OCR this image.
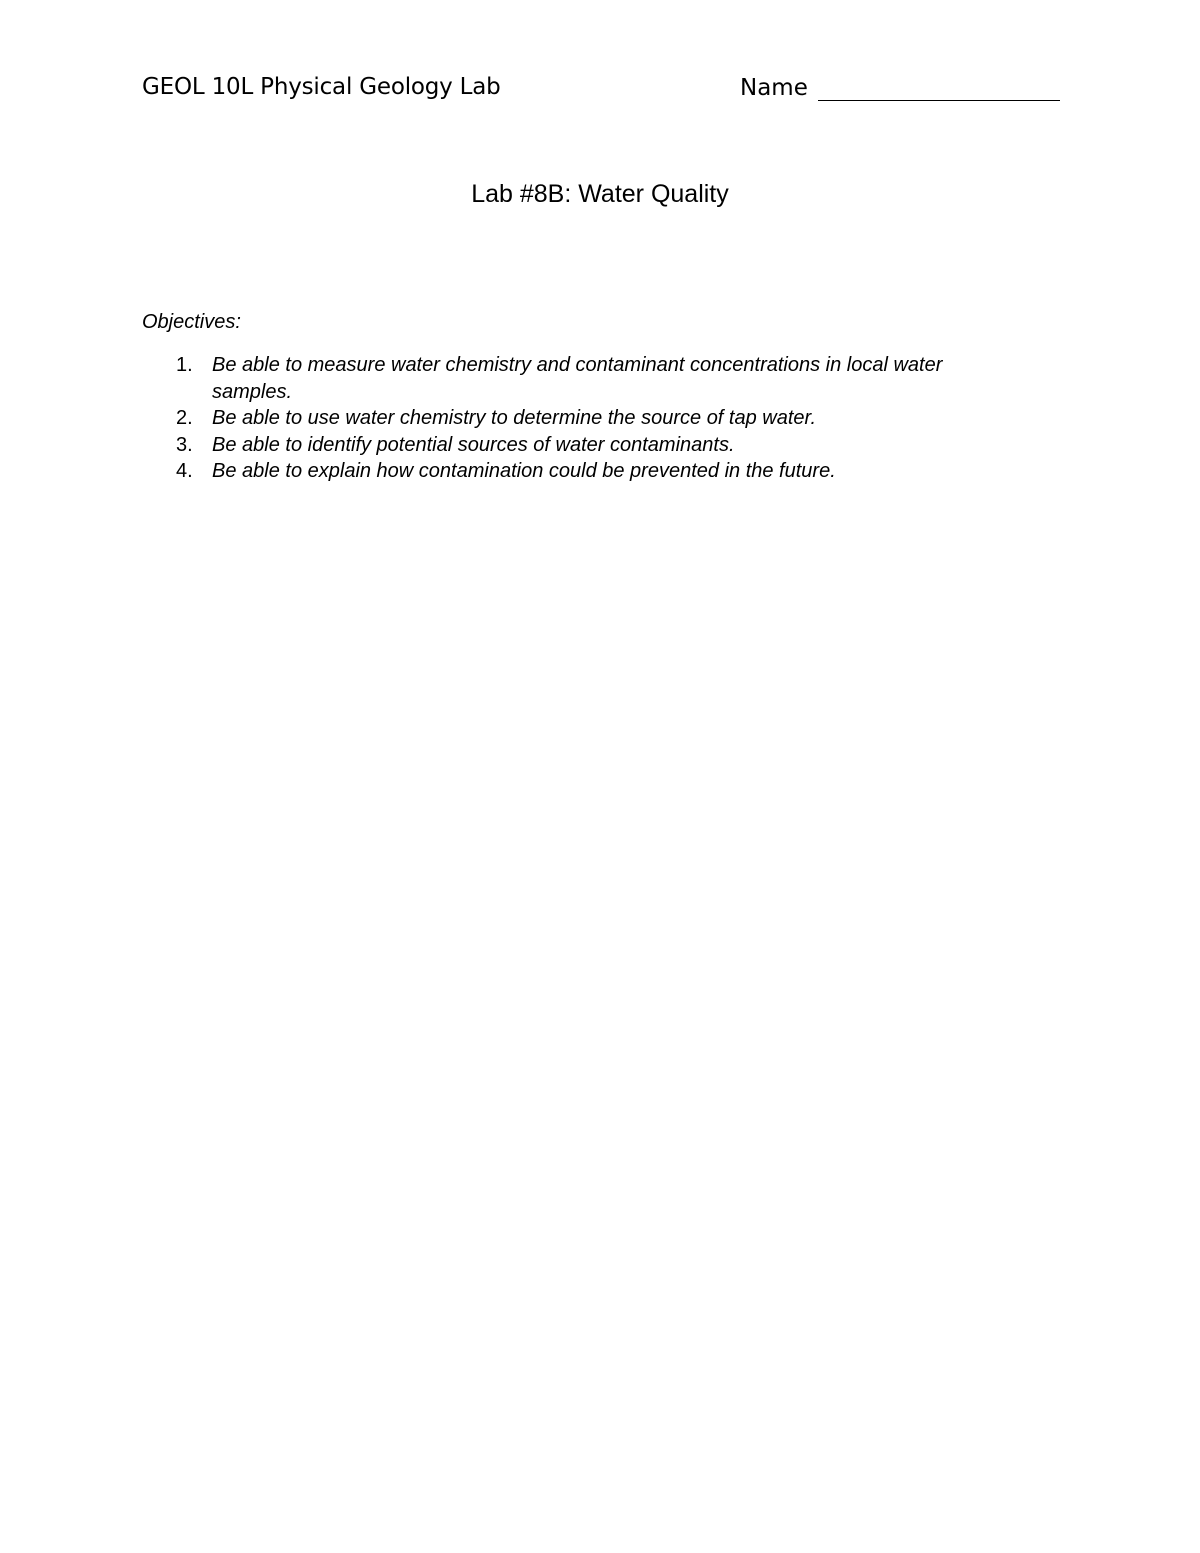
GEOL 10L Physical Geology Lab	Name
Lab #8B: Water Quality
Objectives:
1. Be able to measure water chemistry and contaminant concentrations in local water samples.
2. Be able to use water chemistry to determine the source of tap water.
3. Be able to identify potential sources of water contaminants.
4. Be able to explain how contamination could be prevented in the future.
